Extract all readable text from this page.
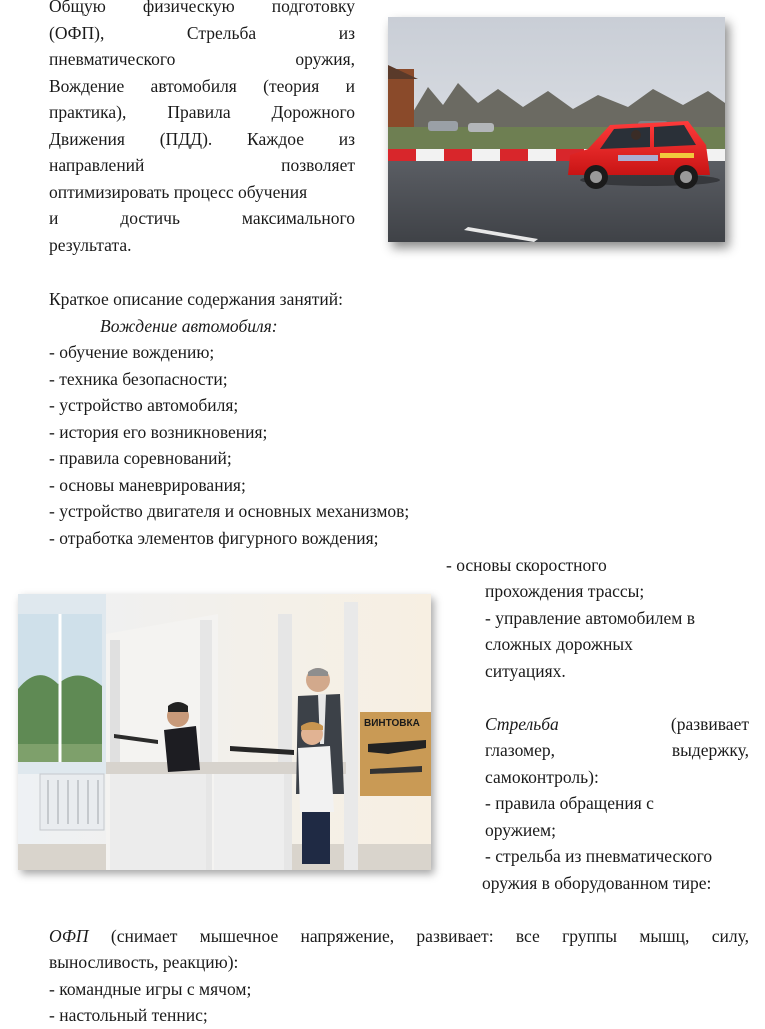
Общую физическую подготовку
(ОФП),	Стрельба	из
пневматического	оружия,
Вождение автомобиля (теория и
практика), Правила Дорожного
Движения (ПДД). Каждое из
направлений	позволяет
оптимизировать процесс обучения
и	достичь	максимального
результата.
Краткое описание содержания занятий:
Вождение автомобиля:
- обучение вождению;
- техника безопасности;
- устройство автомобиля;
- история его возникновения;
- правила соревнований;
- основы маневрирования;
- устройство двигателя и основных механизмов;
- отработка элементов фигурного вождения;
- основы скоростного
прохождения трассы;
- управление автомобилем в
сложных дорожных
ситуациях.
ВИНТОВКА	Стрельба	(развивает
глазомер,	выдержку,
самоконтроль):
- правила обращения с
оружием;
- стрельба из пневматического
оружия в оборудованном тире:
ОФП (снимает мышечное напряжение, развивает: все группы мышц, силу,
выносливость, реакцию):
- командные игры с мячом;
- настольный теннис;
